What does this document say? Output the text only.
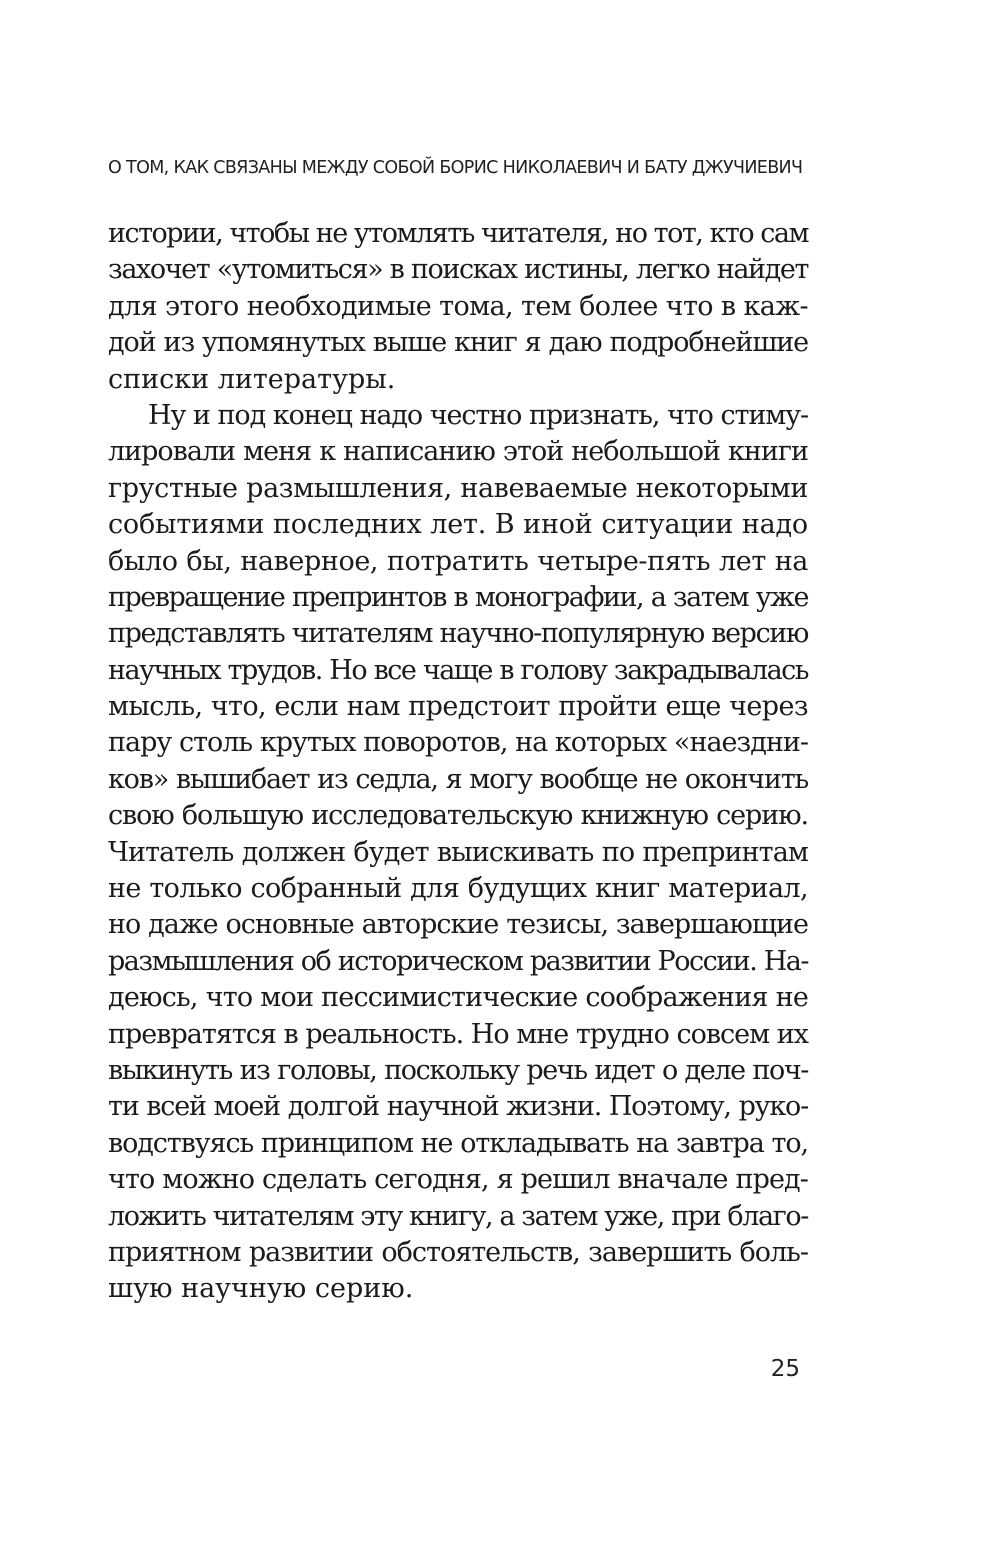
О ТОМ, КАК СВЯЗАНЫ МЕЖДУ СОБОЙ БОРИС НИКОЛАЕВИЧ И БАТУ ДЖУЧИЕВИЧ
истории, чтобы не утомлять читателя, но тот, кто сам
захочет «утомиться» в поисках истины, легко найдет
для этого необходимые тома, тем более что в каж-
дой из упомянутых выше книг я даю подробнейшие
списки литературы.
Ну и под конец надо честно признать, что стиму-
лировали меня к написанию этой небольшой книги
грустные размышления, навеваемые некоторыми
событиями последних лет. В иной ситуации надо
было бы, наверное, потратить четыре-пять лет на
превращение препринтов в монографии, а затем уже
представлять читателям научно-популярную версию
научных трудов. Но все чаще в голову закрадывалась
мысль, что, если нам предстоит пройти еще через
пару столь крутых поворотов, на которых «наездни-
ков» вышибает из седла, я могу вообще не окончить
свою большую исследовательскую книжную серию.
Читатель должен будет выискивать по препринтам
не только собранный для будущих книг материал,
но даже основные авторские тезисы, завершающие
размышления об историческом развитии России. На-
деюсь, что мои пессимистические соображения не
превратятся в реальность. Но мне трудно совсем их
выкинуть из головы, поскольку речь идет о деле поч-
ти всей моей долгой научной жизни. Поэтому, руко-
водствуясь принципом не откладывать на завтра то,
что можно сделать сегодня, я решил вначале пред-
ложить читателям эту книгу, а затем уже, при благо-
приятном развитии обстоятельств, завершить боль-
шую научную серию.
25
